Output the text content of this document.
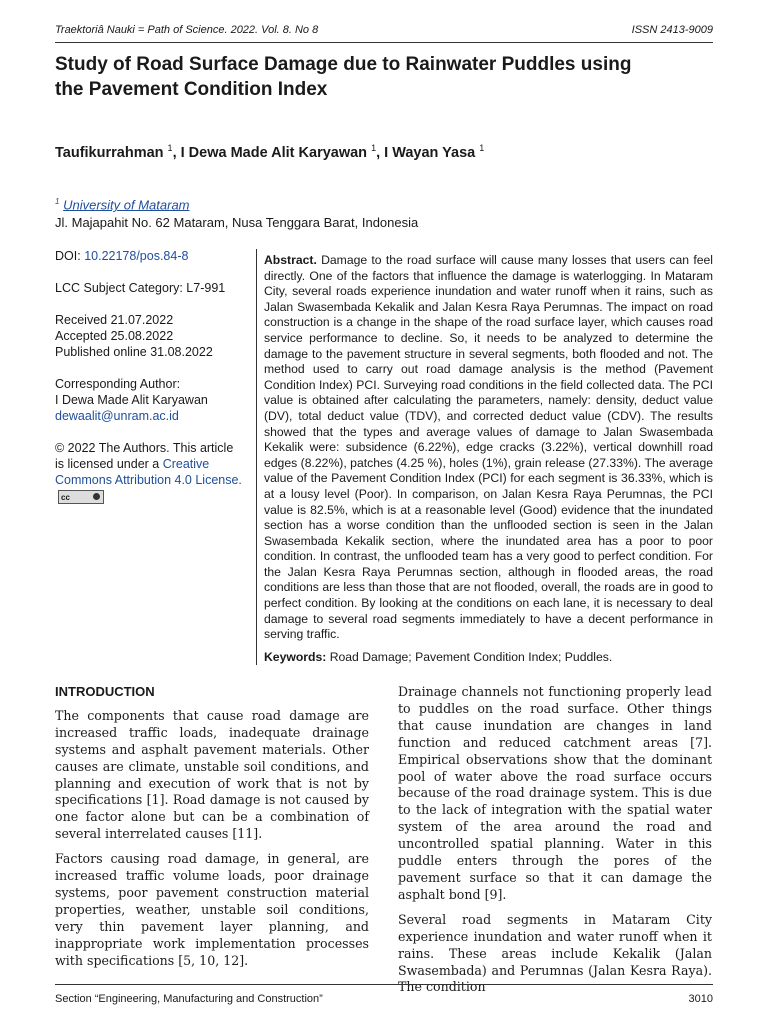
Traektoriâ Nauki = Path of Science. 2022. Vol. 8. No 8	ISSN 2413-9009
Study of Road Surface Damage due to Rainwater Puddles using the Pavement Condition Index
Taufikurrahman $^1$, I Dewa Made Alit Karyawan $^1$, I Wayan Yasa $^1$
$^1$ University of Mataram
Jl. Majapahit No. 62 Mataram, Nusa Tenggara Barat, Indonesia

DOI: 10.22178/pos.84-8

LCC Subject Category: L7-991

Received 21.07.2022
Accepted 25.08.2022
Published online 31.08.2022

Corresponding Author:
I Dewa Made Alit Karyawan
dewaalit@unram.ac.id

© 2022 The Authors. This article is licensed under a Creative Commons Attribution 4.0 License.
cc

Abstract. Damage to the road surface will cause many losses that users can feel directly. One of the factors that influence the damage is waterlogging. In Mataram City, several roads experience inundation and water runoff when it rains, such as Jalan Swasembada Kekalik and Jalan Kesra Raya Perumnas. The impact on road construction is a change in the shape of the road surface layer, which causes road service performance to decline. So, it needs to be analyzed to determine the damage to the pavement structure in several segments, both flooded and not. The method used to carry out road damage analysis is the method (Pavement Condition Index) PCI. Surveying road conditions in the field collected data. The PCI value is obtained after calculating the parameters, namely: density, deduct value (DV), total deduct value (TDV), and corrected deduct value (CDV). The results showed that the types and average values of damage to Jalan Swasembada Kekalik were: subsidence (6.22%), edge cracks (3.22%), vertical downhill road edges (8.22%), patches (4.25 %), holes (1%), grain release (27.33%). The average value of the Pavement Condition Index (PCI) for each segment is 36.33%, which is at a lousy level (Poor). In comparison, on Jalan Kesra Raya Perumnas, the PCI value is 82.5%, which is at a reasonable level (Good) evidence that the inundated section has a worse condition than the unflooded section is seen in the Jalan Swasembada Kekalik section, where the inundated area has a poor to poor condition. In contrast, the unflooded team has a very good to perfect condition. For the Jalan Kesra Raya Perumnas section, although in flooded areas, the road conditions are less than those that are not flooded, overall, the roads are in good to perfect condition. By looking at the conditions on each lane, it is necessary to deal damage to several road segments immediately to have a decent performance in serving traffic.

Keywords: Road Damage; Pavement Condition Index; Puddles.

INTRODUCTION

The components that cause road damage are increased traffic loads, inadequate drainage systems and asphalt pavement materials. Other causes are climate, unstable soil conditions, and planning and execution of work that is not by specifications [1]. Road damage is not caused by one factor alone but can be a combination of several interrelated causes [11].

Factors causing road damage, in general, are increased traffic volume loads, poor drainage systems, poor pavement construction material properties, weather, unstable soil conditions, very thin pavement layer planning, and inappropriate work implementation processes with specifications [5, 10, 12].

Drainage channels not functioning properly lead to puddles on the road surface. Other things that cause inundation are changes in land function and reduced catchment areas [7]. Empirical observations show that the dominant pool of water above the road surface occurs because of the road drainage system. This is due to the lack of integration with the spatial water system of the area around the road and uncontrolled spatial planning. Water in this puddle enters through the pores of the pavement surface so that it can damage the asphalt bond [9].

Several road segments in Mataram City experience inundation and water runoff when it rains. These areas include Kekalik (Jalan Swasembada) and Perumnas (Jalan Kesra Raya). The condition

Section “Engineering, Manufacturing and Construction”	3010
